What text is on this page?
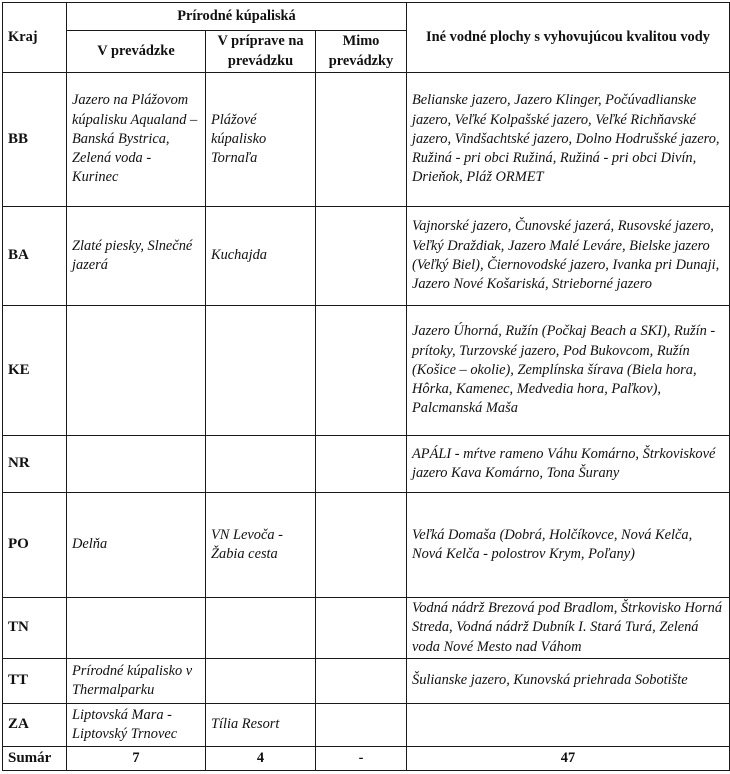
Kraj	Prírodné kúpaliská			Iné vodné plochy s vyhovujúcou kvalitou vody
	V prevádzke	V príprave na prevádzku	Mimo prevádzky	
BB	Jazero na Plážovom kúpalisku Aqualand – Banská Bystrica, Zelená voda - Kurinec	Plážové kúpalisko Tornaľa		Belianske jazero, Jazero Klinger, Počúvadlianske jazero, Veľké Kolpašské jazero, Veľké Richňavské jazero, Vindšachtské jazero, Dolno Hodrušské jazero, Ružiná - pri obci Ružiná, Ružiná - pri obci Divín, Drieňok, Pláž ORMET
BA	Zlaté piesky, Slnečné jazerá	Kuchajda		Vajnorské jazero, Čunovské jazerá, Rusovské jazero, Veľký Draždiak, Jazero Malé Leváre, Bielske jazero (Veľký Biel), Čiernovodské jazero, Ivanka pri Dunaji, Jazero Nové Košariská, Strieborné jazero
KE				Jazero Úhorná, Ružín (Počkaj Beach a SKI), Ružín - prítoky, Turzovské jazero, Pod Bukovcom, Ružín (Košice – okolie), Zemplínska šírava (Biela hora, Hôrka, Kamenec, Medvedia hora, Paľkov), Palcmanská Maša
NR				APÁLI - mŕtve rameno Váhu Komárno, Štrkoviskové jazero Kava Komárno, Tona Šurany
PO	Delňa	VN Levoča - Žabia cesta		Veľká Domaša (Dobrá, Holčíkovce, Nová Kelča, Nová Kelča - polostrov Krym, Poľany)
TN				Vodná nádrž Brezová pod Bradlom, Štrkovisko Horná Streda, Vodná nádrž Dubník I. Stará Turá, Zelená voda Nové Mesto nad Váhom
TT	Prírodné kúpalisko v Thermalparku			Šulianske jazero, Kunovská priehrada Sobotište
ZA	Liptovská Mara - Liptovský Trnovec	Tília Resort		
Sumár	7	4	-	47
